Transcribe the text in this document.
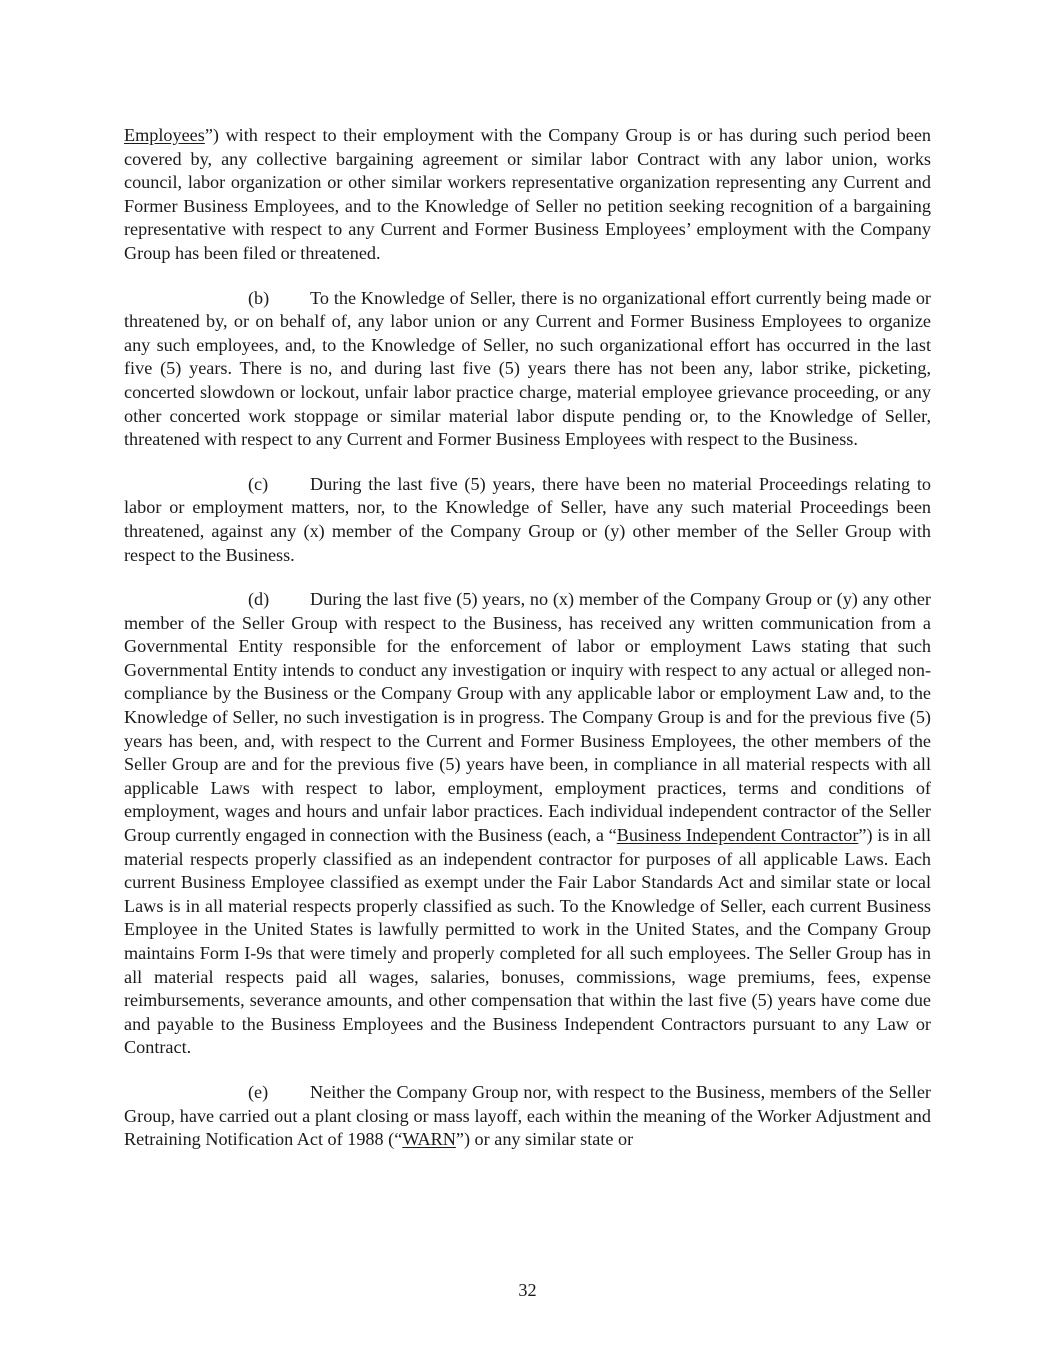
Employees”) with respect to their employment with the Company Group is or has during such period been covered by, any collective bargaining agreement or similar labor Contract with any labor union, works council, labor organization or other similar workers representative organization representing any Current and Former Business Employees, and to the Knowledge of Seller no petition seeking recognition of a bargaining representative with respect to any Current and Former Business Employees’ employment with the Company Group has been filed or threatened.

(b) To the Knowledge of Seller, there is no organizational effort currently being made or threatened by, or on behalf of, any labor union or any Current and Former Business Employees to organize any such employees, and, to the Knowledge of Seller, no such organizational effort has occurred in the last five (5) years. There is no, and during last five (5) years there has not been any, labor strike, picketing, concerted slowdown or lockout, unfair labor practice charge, material employee grievance proceeding, or any other concerted work stoppage or similar material labor dispute pending or, to the Knowledge of Seller, threatened with respect to any Current and Former Business Employees with respect to the Business.

(c) During the last five (5) years, there have been no material Proceedings relating to labor or employment matters, nor, to the Knowledge of Seller, have any such material Proceedings been threatened, against any (x) member of the Company Group or (y) other member of the Seller Group with respect to the Business.

(d) During the last five (5) years, no (x) member of the Company Group or (y) any other member of the Seller Group with respect to the Business, has received any written communication from a Governmental Entity responsible for the enforcement of labor or employment Laws stating that such Governmental Entity intends to conduct any investigation or inquiry with respect to any actual or alleged non-compliance by the Business or the Company Group with any applicable labor or employment Law and, to the Knowledge of Seller, no such investigation is in progress. The Company Group is and for the previous five (5) years has been, and, with respect to the Current and Former Business Employees, the other members of the Seller Group are and for the previous five (5) years have been, in compliance in all material respects with all applicable Laws with respect to labor, employment, employment practices, terms and conditions of employment, wages and hours and unfair labor practices. Each individual independent contractor of the Seller Group currently engaged in connection with the Business (each, a “Business Independent Contractor”) is in all material respects properly classified as an independent contractor for purposes of all applicable Laws. Each current Business Employee classified as exempt under the Fair Labor Standards Act and similar state or local Laws is in all material respects properly classified as such. To the Knowledge of Seller, each current Business Employee in the United States is lawfully permitted to work in the United States, and the Company Group maintains Form I-9s that were timely and properly completed for all such employees. The Seller Group has in all material respects paid all wages, salaries, bonuses, commissions, wage premiums, fees, expense reimbursements, severance amounts, and other compensation that within the last five (5) years have come due and payable to the Business Employees and the Business Independent Contractors pursuant to any Law or Contract.

(e) Neither the Company Group nor, with respect to the Business, members of the Seller Group, have carried out a plant closing or mass layoff, each within the meaning of the Worker Adjustment and Retraining Notification Act of 1988 (“WARN”) or any similar state or

32
